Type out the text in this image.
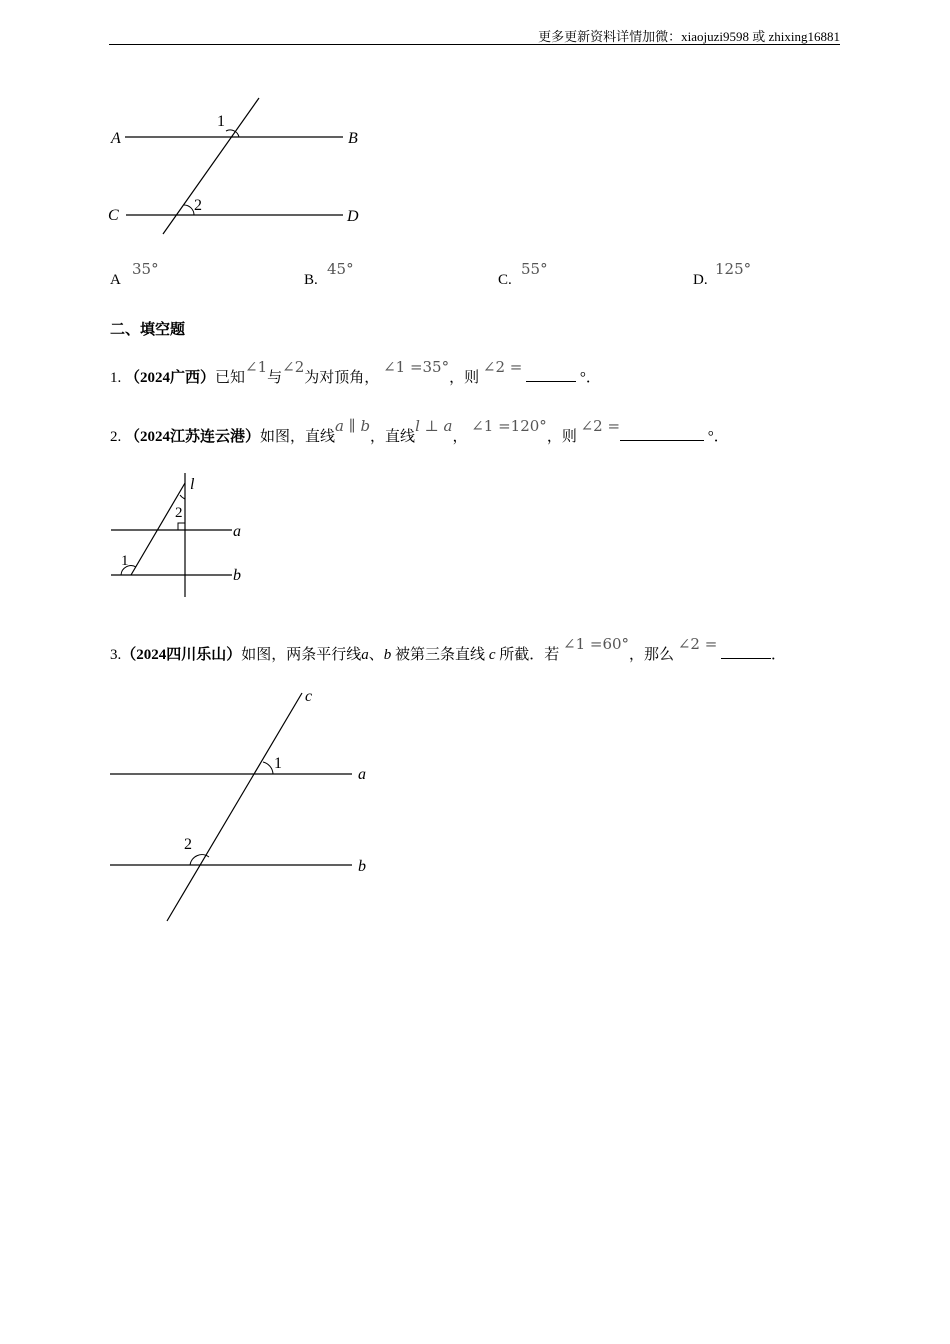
更多更新资料详情加微：xiaojuzi9598 或 zhixing16881
A	B
C	D
1
2
A
35°
B.
45°
C.
55°
D.
125°
二、填空题
1. （2024广西）已知∠1与∠2为对顶角， ∠1 =35°，则 ∠2 =  °．
2. （2024江苏连云港）如图，直线a ∥ b，直线l ⊥ a， ∠1 =120°，则 ∠2 = °．
l
a
b
2
1
3.（2024四川乐山）如图，两条平行线a、b 被第三条直线 c 所截．若 ∠1 =60°，那么 ∠2 = ．
c
a
b
1
2
